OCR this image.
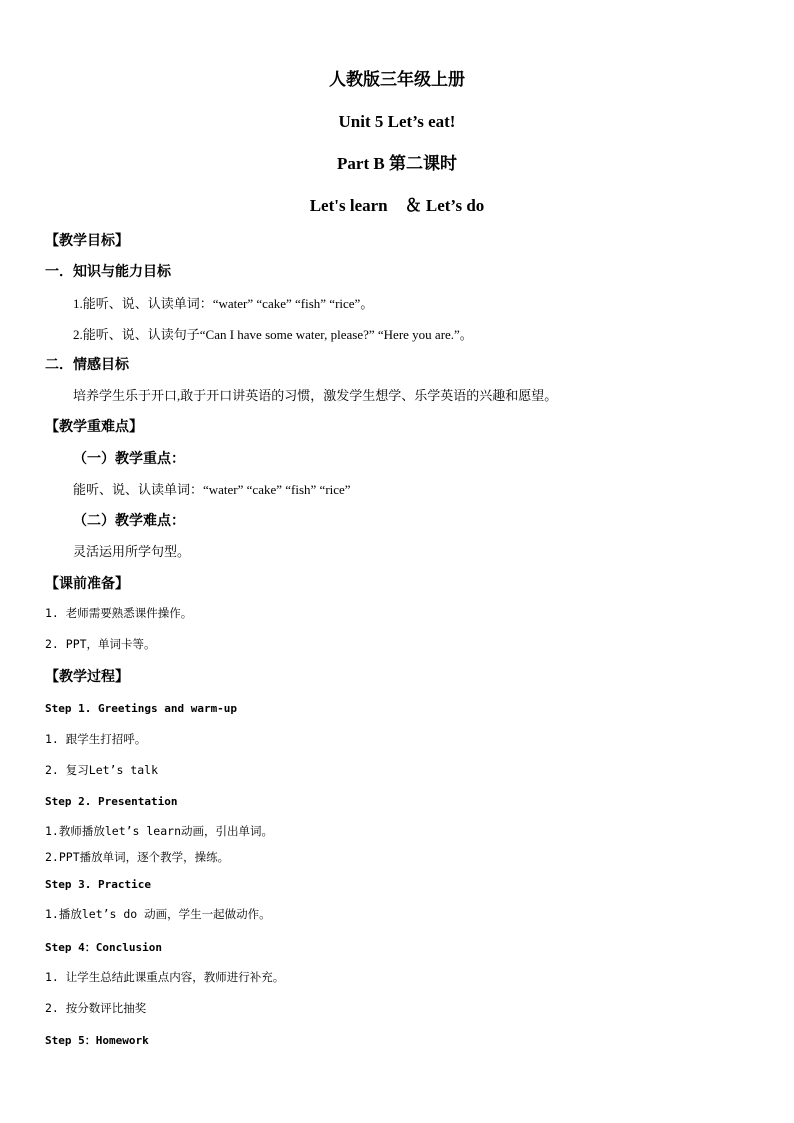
人教版三年级上册
Unit 5 Let’s eat!
Part B 第二课时
Let's learn　＆ Let’s do
【教学目标】
一．知识与能力目标
1.能听、说、认读单词：“water” “cake” “fish” “rice”。
2.能听、说、认读句子“Can I have some water, please?” “Here you are.”。
二．情感目标
培养学生乐于开口,敢于开口讲英语的习惯，激发学生想学、乐学英语的兴趣和愿望。
【教学重难点】
（一）教学重点：
能听、说、认读单词：“water” “cake” “fish” “rice”
（二）教学难点：
灵活运用所学句型。
【课前准备】
1. 老师需要熟悉课件操作。
2. PPT，单词卡等。
【教学过程】
Step 1. Greetings and warm-up
1. 跟学生打招呼。
2. 复习Let’s talk
Step 2. Presentation
1.教师播放let’s learn动画，引出单词。
2.PPT播放单词，逐个教学，操练。
Step 3. Practice
1.播放let’s do 动画，学生一起做动作。
Step 4：Conclusion
1. 让学生总结此课重点内容，教师进行补充。
2. 按分数评比抽奖
Step 5：Homework
